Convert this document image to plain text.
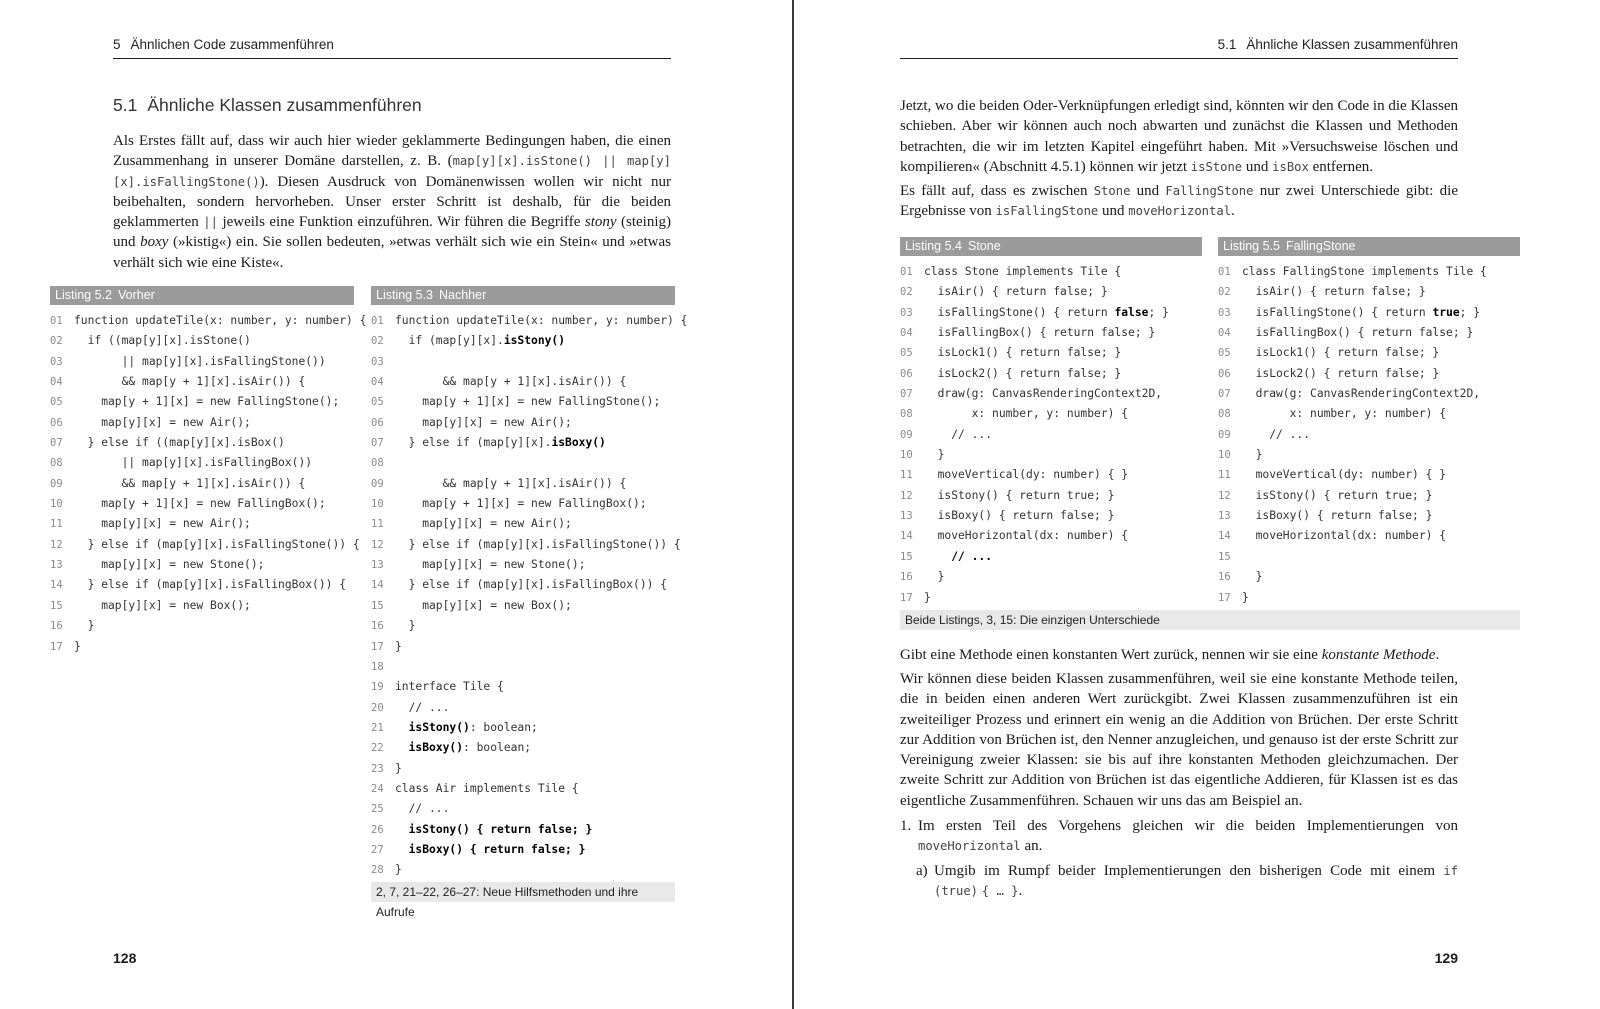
5 Ähnlichen Code zusammenführen
5.1 Ähnliche Klassen zusammenführen

Als Erstes fällt auf, dass wir auch hier wieder geklammerte Bedingungen haben, die einen Zusammenhang in unserer Domäne darstellen, z. B. (map[y][x].isStone() || map[y][x].isFallingStone()). Diesen Ausdruck von Domänenwissen wollen wir nicht nur beibehalten, sondern hervorheben. Unser erster Schritt ist deshalb, für die beiden geklammerten || jeweils eine Funktion einzuführen. Wir führen die Begriffe stony (steinig) und boxy (»kistig«) ein. Sie sollen bedeuten, »etwas verhält sich wie ein Stein« und »etwas verhält sich wie eine Kiste«.

Listing 5.2 Vorher
01 function updateTile(x: number, y: number) {
02  if ((map[y][x].isStone()
03       || map[y][x].isFallingStone())
04       && map[y + 1][x].isAir()) {
05    map[y + 1][x] = new FallingStone();
06    map[y][x] = new Air();
07  } else if ((map[y][x].isBox()
08       || map[y][x].isFallingBox())
09       && map[y + 1][x].isAir()) {
10    map[y + 1][x] = new FallingBox();
11    map[y][x] = new Air();
12  } else if (map[y][x].isFallingStone()) {
13    map[y][x] = new Stone();
14  } else if (map[y][x].isFallingBox()) {
15    map[y][x] = new Box();
16  }
17 }
Listing 5.3 Nachher
01 function updateTile(x: number, y: number) {
02  if (map[y][x].isStony()
03
04       && map[y + 1][x].isAir()) {
05    map[y + 1][x] = new FallingStone();
06    map[y][x] = new Air();
07  } else if (map[y][x].isBoxy()
08
09       && map[y + 1][x].isAir()) {
10    map[y + 1][x] = new FallingBox();
11    map[y][x] = new Air();
12  } else if (map[y][x].isFallingStone()) {
13    map[y][x] = new Stone();
14  } else if (map[y][x].isFallingBox()) {
15    map[y][x] = new Box();
16  }
17 }
18
19 interface Tile {
20  // ...
21 isStony(): boolean;
22 isBoxy(): boolean;
23 }
24 class Air implements Tile {
25  // ...
26 isStony() { return false; }
27 isBoxy() { return false; }
28 }
2, 7, 21–22, 26–27: Neue Hilfsmethoden und ihre Aufrufe
128
5.1 Ähnliche Klassen zusammenführen

Jetzt, wo die beiden Oder-Verknüpfungen erledigt sind, könnten wir den Code in die Klassen schieben. Aber wir können auch noch abwarten und zunächst die Klassen und Methoden betrachten, die wir im letzten Kapitel eingeführt haben. Mit »Versuchsweise löschen und kompilieren« (Abschnitt 4.5.1) können wir jetzt isStone und isBox entfernen.

Es fällt auf, dass es zwischen Stone und FallingStone nur zwei Unterschiede gibt: die Ergebnisse von isFallingStone und moveHorizontal.

Listing 5.4 Stone
01 class Stone implements Tile {
02  isAir() { return false; }
03  isFallingStone() { return false; }
04  isFallingBox() { return false; }
05  isLock1() { return false; }
06  isLock2() { return false; }
07  draw(g: CanvasRenderingContext2D,
08       x: number, y: number) {
09    // ...
10  }
11  moveVertical(dy: number) { }
12  isStony() { return true; }
13  isBoxy() { return false; }
14  moveHorizontal(dx: number) {
15	// ...
16  }
17 }
Listing 5.5 FallingStone
01 class FallingStone implements Tile {
02  isAir() { return false; }
03  isFallingStone() { return true; }
04  isFallingBox() { return false; }
05  isLock1() { return false; }
06  isLock2() { return false; }
07  draw(g: CanvasRenderingContext2D,
08       x: number, y: number) {
09    // ...
10  }
11  moveVertical(dy: number) { }
12  isStony() { return true; }
13  isBoxy() { return false; }
14  moveHorizontal(dx: number) {
15
16  }
17 }
Beide Listings, 3, 15: Die einzigen Unterschiede

Gibt eine Methode einen konstanten Wert zurück, nennen wir sie eine konstante Methode.

Wir können diese beiden Klassen zusammenführen, weil sie eine konstante Methode teilen, die in beiden einen anderen Wert zurückgibt. Zwei Klassen zusammenzuführen ist ein zweiteiliger Prozess und erinnert ein wenig an die Addition von Brüchen. Der erste Schritt zur Addition von Brüchen ist, den Nenner anzugleichen, und genauso ist der erste Schritt zur Vereinigung zweier Klassen: sie bis auf ihre konstanten Methoden gleichzumachen. Der zweite Schritt zur Addition von Brüchen ist das eigentliche Addieren, für Klassen ist es das eigentliche Zusammenführen. Schauen wir uns das am Beispiel an.

1. Im ersten Teil des Vorgehens gleichen wir die beiden Implementierungen von moveHorizontal an.
a) Umgib im Rumpf beider Implementierungen den bisherigen Code mit einem if (true) { … }.
129
